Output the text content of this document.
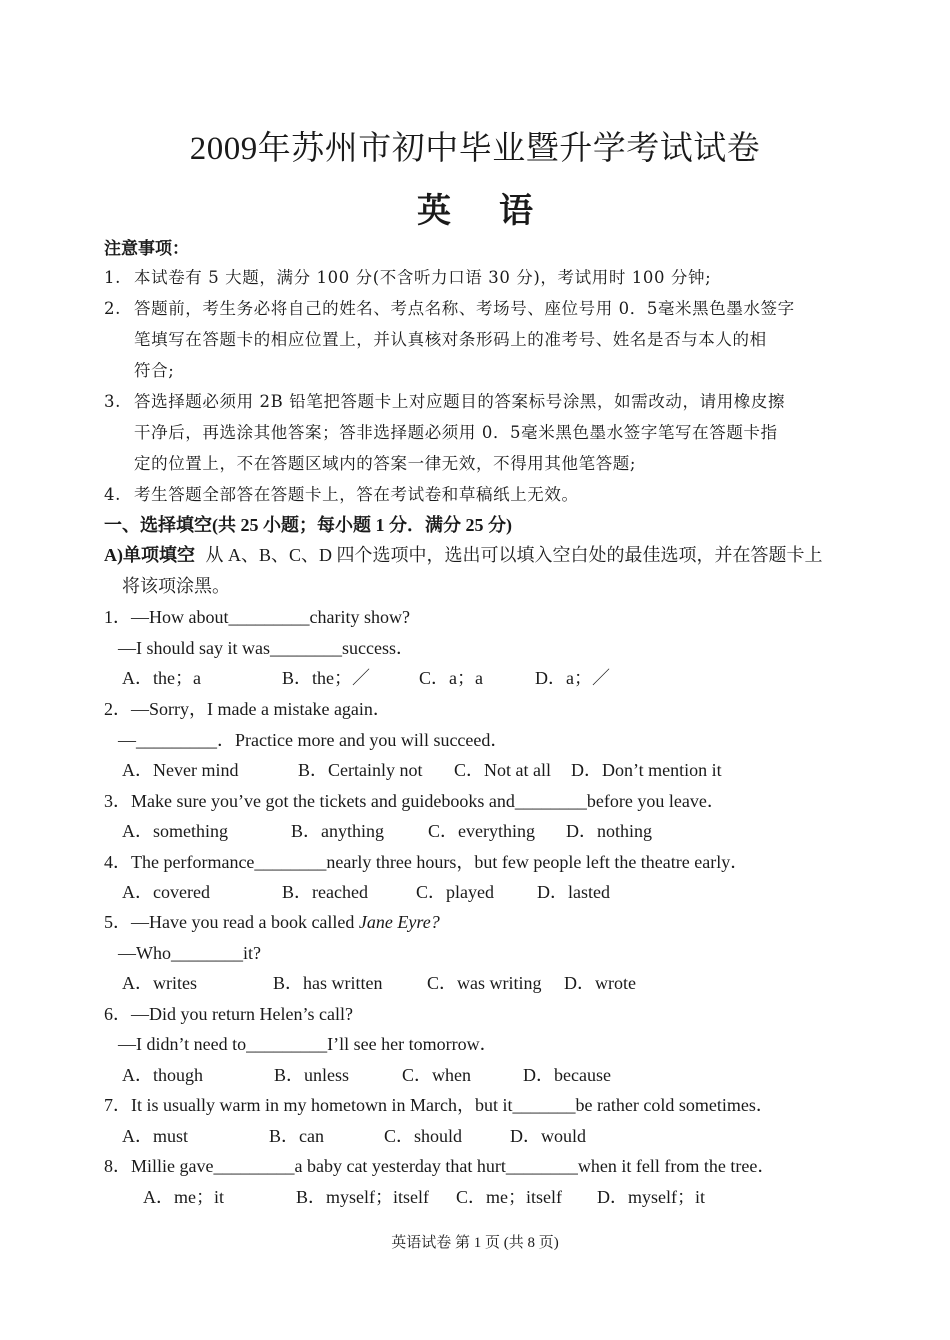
2009年苏州市初中毕业暨升学考试试卷
英 语
注意事项：
1. 本试卷有 5 大题，满分 100 分(不含听力口语 30 分)，考试用时 100 分钟;
2. 答题前，考生务必将自己的姓名、考点名称、考场号、座位号用 0．5毫米黑色墨水签字
笔填写在答题卡的相应位置上，并认真核对条形码上的准考号、姓名是否与本人的相
符合;
3. 答选择题必须用 2B 铅笔把答题卡上对应题目的答案标号涂黑，如需改动，请用橡皮擦
干净后，再选涂其他答案；答非选择题必须用 0．5毫米黑色墨水签字笔写在答题卡指
定的位置上，不在答题区域内的答案一律无效，不得用其他笔答题;
4. 考生答题全部答在答题卡上，答在考试卷和草稿纸上无效。
一、选择填空(共 25 小题；每小题 1 分．满分 25 分)
A)单项填空 从 A、B、C、D 四个选项中，选出可以填入空白处的最佳选项，并在答题卡上
将该项涂黑。
1．—How about_________charity show?
—I should say it was________success．
A．the；a	B．the；／	C．a；a	D．a；／
2．—Sorry，I made a mistake again．
—_________．Practice more and you will succeed．
A．Never mind	B．Certainly not C．Not at all D．Don’t mention it
3．Make sure you’ve got the tickets and guidebooks and________before you leave．
A．something	B．anything C．everything D．nothing
4．The performance________nearly three hours，but few people left the theatre early．
A．covered	B．reached	C．played D．lasted
5．—Have you read a book called Jane Eyre?
—Who________it?
A．writes	B．has written C．was writing D．wrote
6．—Did you return Helen’s call?
—I didn’t need to_________I’ll see her tomorrow．
A．though	B．unless	C．when	D．because
7．It is usually warm in my hometown in March，but it_______be rather cold sometimes．
A．must	B．can	C．should	D．would
8．Millie gave_________a baby cat yesterday that hurt________when it fell from the tree．
A．me；it	B．myself；itself C．me；itself D．myself；it
英语试卷 第 1 页 (共 8 页)
